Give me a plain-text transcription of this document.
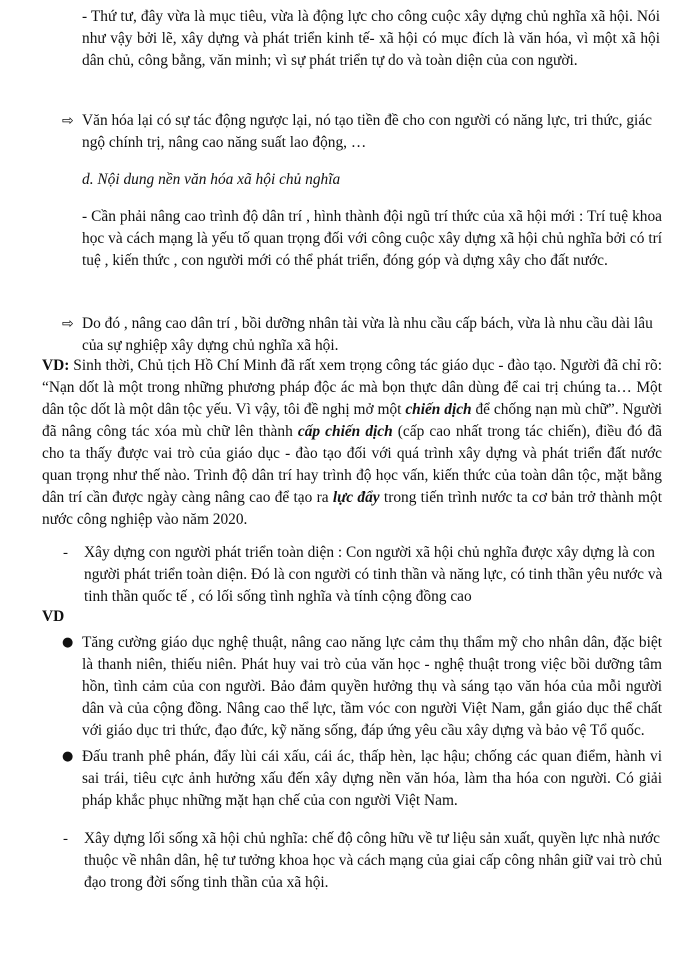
- Thứ tư, đây vừa là mục tiêu, vừa là động lực cho công cuộc xây dựng chủ nghĩa xã hội. Nói như vậy bởi lẽ, xây dựng và phát triển kinh tế- xã hội có mục đích là văn hóa, vì một xã hội dân chủ, công bằng, văn minh; vì sự phát triển tự do và toàn diện của con người.

⇨ Văn hóa lại có sự tác động ngược lại, nó tạo tiền đề cho con người có năng lực, tri thức, giác ngộ chính trị, nâng cao năng suất lao động, …

d. Nội dung nền văn hóa xã hội chủ nghĩa

- Cần phải nâng cao trình độ dân trí , hình thành đội ngũ trí thức của xã hội mới : Trí tuệ khoa học và cách mạng là yếu tố quan trọng đối với công cuộc xây dựng xã hội chủ nghĩa bởi có trí tuệ , kiến thức , con người mới có thể phát triển, đóng góp và dựng xây cho đất nước.

⇨ Do đó , nâng cao dân trí , bồi dưỡng nhân tài vừa là nhu cầu cấp bách, vừa là nhu cầu dài lâu của sự nghiệp xây dựng chủ nghĩa xã hội.

VD: Sinh thời, Chủ tịch Hồ Chí Minh đã rất xem trọng công tác giáo dục - đào tạo. Người đã chỉ rõ: “Nạn dốt là một trong những phương pháp độc ác mà bọn thực dân dùng để cai trị chúng ta… Một dân tộc dốt là một dân tộc yếu. Vì vậy, tôi đề nghị mở một chiến dịch để chống nạn mù chữ”. Người đã nâng công tác xóa mù chữ lên thành cấp chiến dịch (cấp cao nhất trong tác chiến), điều đó đã cho ta thấy được vai trò của giáo dục - đào tạo đối với quá trình xây dựng và phát triển đất nước quan trọng như thế nào. Trình độ dân trí hay trình độ học vấn, kiến thức của toàn dân tộc, mặt bằng dân trí cần được ngày càng nâng cao để tạo ra lực đẩy trong tiến trình nước ta cơ bản trở thành một nước công nghiệp vào năm 2020.

- Xây dựng con người phát triển toàn diện : Con người xã hội chủ nghĩa được xây dựng là con người phát triển toàn diện. Đó là con người có tinh thần và năng lực, có tinh thần yêu nước và tinh thần quốc tế , có lối sống tình nghĩa và tính cộng đồng cao

VD

● Tăng cường giáo dục nghệ thuật, nâng cao năng lực cảm thụ thẩm mỹ cho nhân dân, đặc biệt là thanh niên, thiếu niên. Phát huy vai trò của văn học - nghệ thuật trong việc bồi dưỡng tâm hồn, tình cảm của con người. Bảo đảm quyền hưởng thụ và sáng tạo văn hóa của mỗi người dân và của cộng đồng. Nâng cao thể lực, tầm vóc con người Việt Nam, gắn giáo dục thể chất với giáo dục tri thức, đạo đức, kỹ năng sống, đáp ứng yêu cầu xây dựng và bảo vệ Tổ quốc.

● Đấu tranh phê phán, đẩy lùi cái xấu, cái ác, thấp hèn, lạc hậu; chống các quan điểm, hành vi sai trái, tiêu cực ảnh hưởng xấu đến xây dựng nền văn hóa, làm tha hóa con người. Có giải pháp khắc phục những mặt hạn chế của con người Việt Nam.

- Xây dựng lối sống xã hội chủ nghĩa: chế độ công hữu về tư liệu sản xuất, quyền lực nhà nước thuộc về nhân dân, hệ tư tưởng khoa học và cách mạng của giai cấp công nhân giữ vai trò chủ đạo trong đời sống tinh thần của xã hội.
